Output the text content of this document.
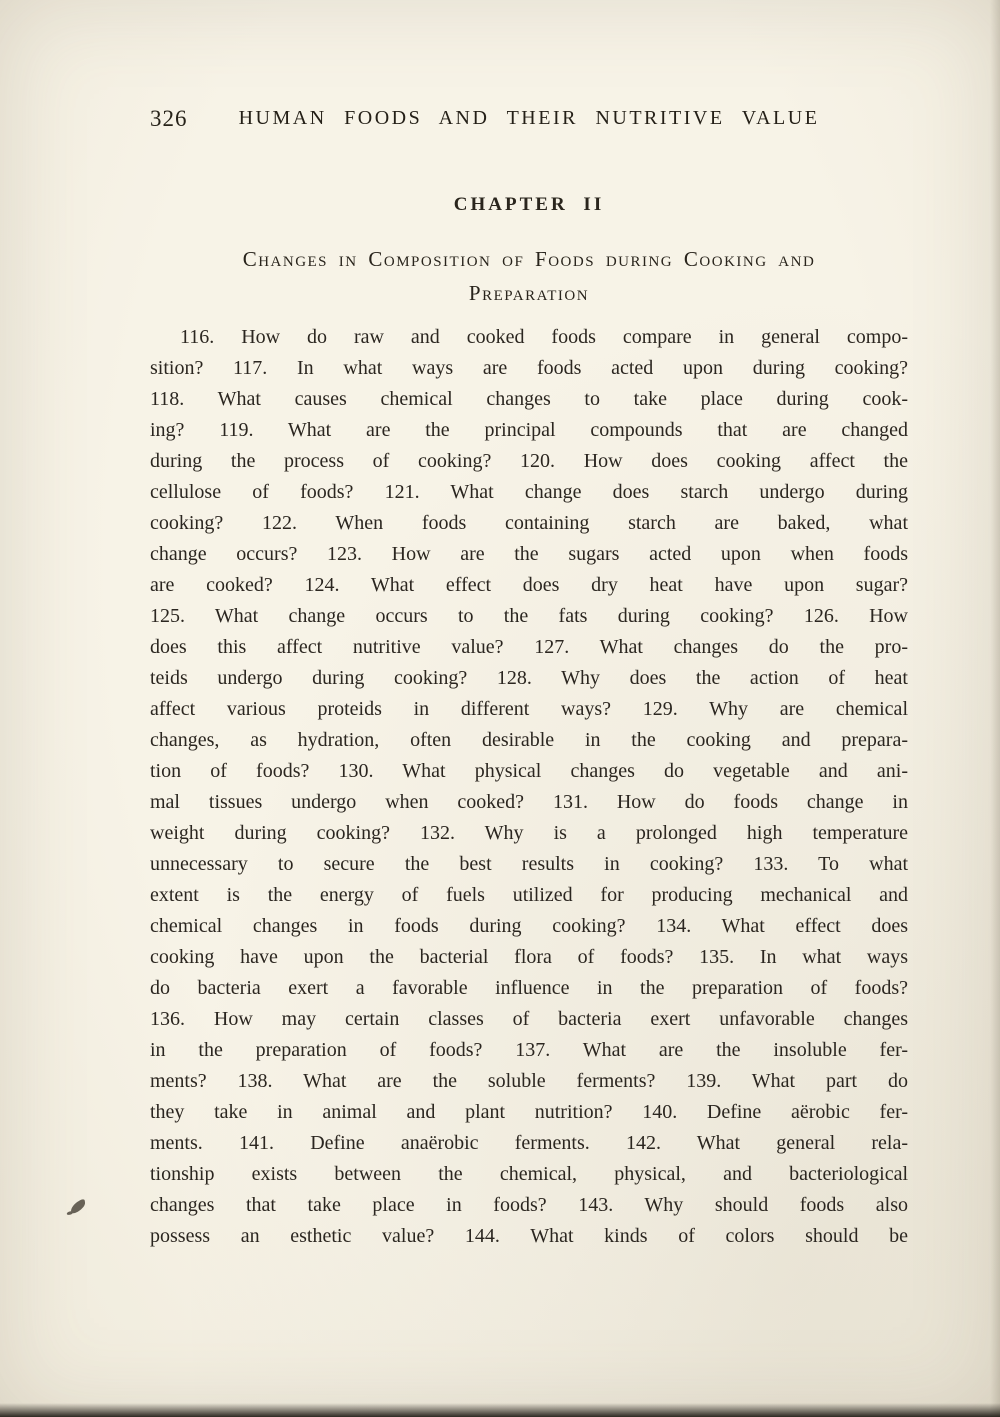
326	HUMAN FOODS AND THEIR NUTRITIVE VALUE
CHAPTER II
Changes in Composition of Foods during Cooking and
Preparation
116. How do raw and cooked foods compare in general compo-
sition? 117. In what ways are foods acted upon during cooking?
118. What causes chemical changes to take place during cook-
ing? 119. What are the principal compounds that are changed
during the process of cooking? 120. How does cooking affect the
cellulose of foods? 121. What change does starch undergo during
cooking? 122. When foods containing starch are baked, what
change occurs? 123. How are the sugars acted upon when foods
are cooked? 124. What effect does dry heat have upon sugar?
125. What change occurs to the fats during cooking? 126. How
does this affect nutritive value? 127. What changes do the pro-
teids undergo during cooking? 128. Why does the action of heat
affect various proteids in different ways? 129. Why are chemical
changes, as hydration, often desirable in the cooking and prepara-
tion of foods? 130. What physical changes do vegetable and ani-
mal tissues undergo when cooked? 131. How do foods change in
weight during cooking? 132. Why is a prolonged high temperature
unnecessary to secure the best results in cooking? 133. To what
extent is the energy of fuels utilized for producing mechanical and
chemical changes in foods during cooking? 134. What effect does
cooking have upon the bacterial flora of foods? 135. In what ways
do bacteria exert a favorable influence in the preparation of foods?
136. How may certain classes of bacteria exert unfavorable changes
in the preparation of foods? 137. What are the insoluble fer-
ments? 138. What are the soluble ferments? 139. What part do
they take in animal and plant nutrition? 140. Define aërobic fer-
ments. 141. Define anaërobic ferments. 142. What general rela-
tionship exists between the chemical, physical, and bacteriological
changes that take place in foods? 143. Why should foods also
possess an esthetic value? 144. What kinds of colors should be
